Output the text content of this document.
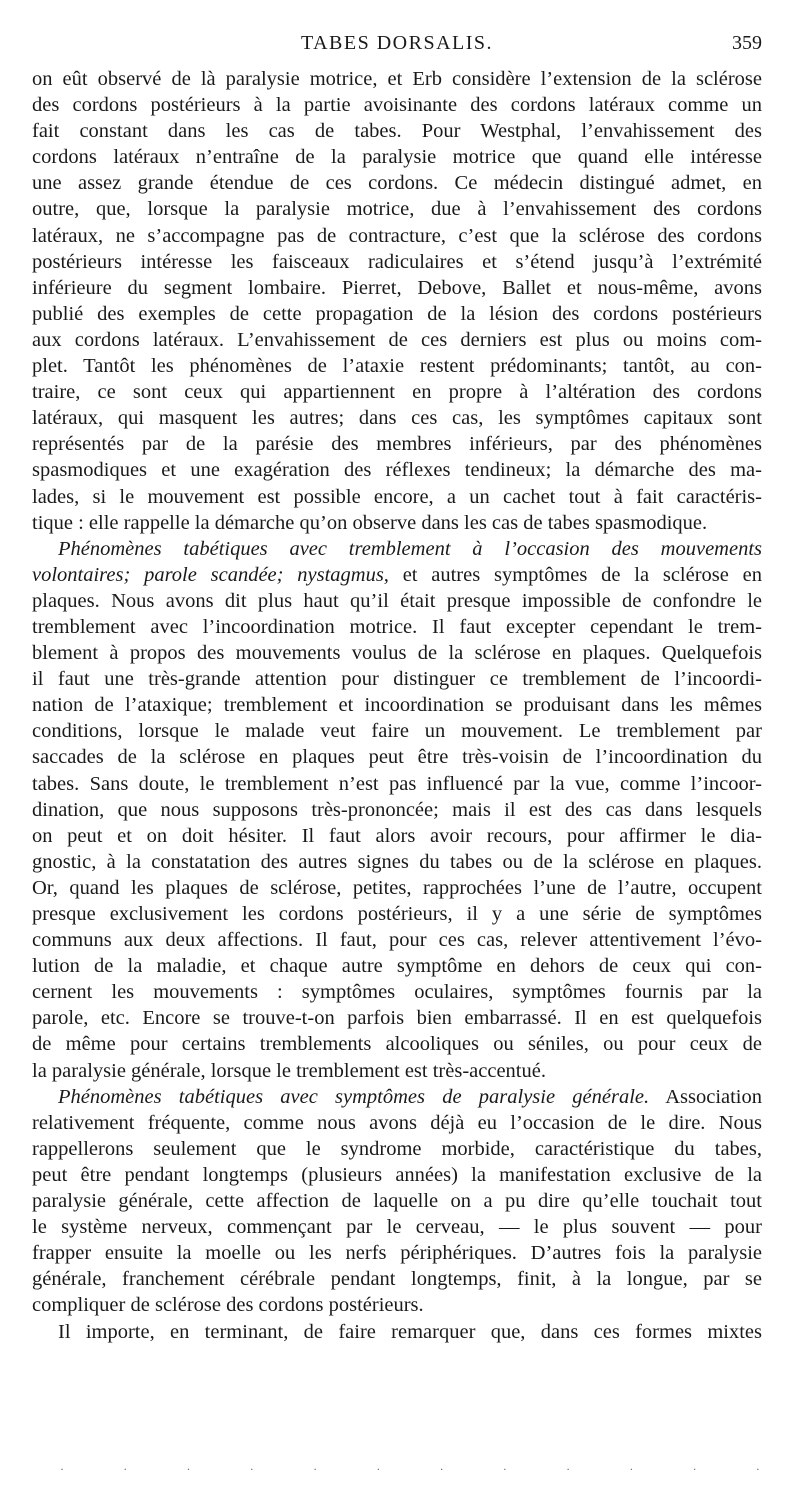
TABES DORSALIS.	359
on eût observé de là paralysie motrice, et Erb considère l’extension de la sclérose
des cordons postérieurs à la partie avoisinante des cordons latéraux comme un
fait constant dans les cas de tabes. Pour Westphal, l’envahissement des
cordons latéraux n’entraîne de la paralysie motrice que quand elle intéresse
une assez grande étendue de ces cordons. Ce médecin distingué admet, en
outre, que, lorsque la paralysie motrice, due à l’envahissement des cordons
latéraux, ne s’accompagne pas de contracture, c’est que la sclérose des cordons
postérieurs intéresse les faisceaux radiculaires et s’étend jusqu’à l’extrémité
inférieure du segment lombaire. Pierret, Debove, Ballet et nous-même, avons
publié des exemples de cette propagation de la lésion des cordons postérieurs
aux cordons latéraux. L’envahissement de ces derniers est plus ou moins com-
plet. Tantôt les phénomènes de l’ataxie restent prédominants; tantôt, au con-
traire, ce sont ceux qui appartiennent en propre à l’altération des cordons
latéraux, qui masquent les autres; dans ces cas, les symptômes capitaux sont
représentés par de la parésie des membres inférieurs, par des phénomènes
spasmodiques et une exagération des réflexes tendineux; la démarche des ma-
lades, si le mouvement est possible encore, a un cachet tout à fait caractéris-
tique : elle rappelle la démarche qu’on observe dans les cas de tabes spasmodique.
Phénomènes tabétiques avec tremblement à l’occasion des mouvements
volontaires; parole scandée; nystagmus, et autres symptômes de la sclérose en
plaques. Nous avons dit plus haut qu’il était presque impossible de confondre le
tremblement avec l’incoordination motrice. Il faut excepter cependant le trem-
blement à propos des mouvements voulus de la sclérose en plaques. Quelquefois
il faut une très-grande attention pour distinguer ce tremblement de l’incoordi-
nation de l’ataxique; tremblement et incoordination se produisant dans les mêmes
conditions, lorsque le malade veut faire un mouvement. Le tremblement par
saccades de la sclérose en plaques peut être très-voisin de l’incoordination du
tabes. Sans doute, le tremblement n’est pas influencé par la vue, comme l’incoor-
dination, que nous supposons très-prononcée; mais il est des cas dans lesquels
on peut et on doit hésiter. Il faut alors avoir recours, pour affirmer le dia-
gnostic, à la constatation des autres signes du tabes ou de la sclérose en plaques.
Or, quand les plaques de sclérose, petites, rapprochées l’une de l’autre, occupent
presque exclusivement les cordons postérieurs, il y a une série de symptômes
communs aux deux affections. Il faut, pour ces cas, relever attentivement l’évo-
lution de la maladie, et chaque autre symptôme en dehors de ceux qui con-
cernent les mouvements : symptômes oculaires, symptômes fournis par la
parole, etc. Encore se trouve-t-on parfois bien embarrassé. Il en est quelquefois
de même pour certains tremblements alcooliques ou séniles, ou pour ceux de
la paralysie générale, lorsque le tremblement est très-accentué.
Phénomènes tabétiques avec symptômes de paralysie générale. Association
relativement fréquente, comme nous avons déjà eu l’occasion de le dire. Nous
rappellerons seulement que le syndrome morbide, caractéristique du tabes,
peut être pendant longtemps (plusieurs années) la manifestation exclusive de la
paralysie générale, cette affection de laquelle on a pu dire qu’elle touchait tout
le système nerveux, commençant par le cerveau, — le plus souvent — pour
frapper ensuite la moelle ou les nerfs périphériques. D’autres fois la paralysie
générale, franchement cérébrale pendant longtemps, finit, à la longue, par se
compliquer de sclérose des cordons postérieurs.
Il importe, en terminant, de faire remarquer que, dans ces formes mixtes
·	·	·	·	·	·	·	·	·	·	·	·
